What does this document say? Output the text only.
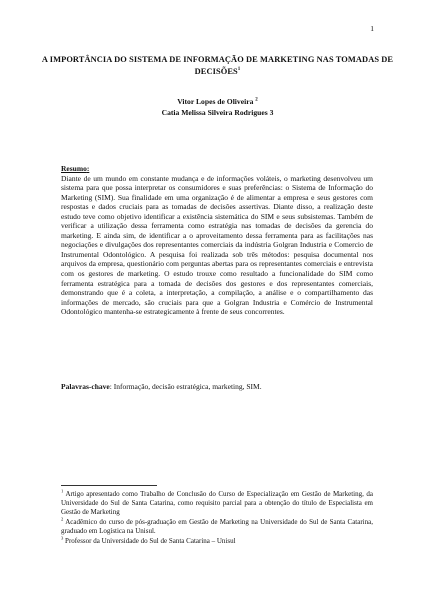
1
A IMPORTÂNCIA DO SISTEMA DE INFORMAÇÃO DE MARKETING NAS TOMADAS DE DECISÕES$^1$
Vitor Lopes de Oliveira $^2$
Catia Melissa Silveira Rodrigues 3
Resumo:
Diante de um mundo em constante mudança e de informações voláteis, o marketing desenvolveu um sistema para que possa interpretar os consumidores e suas preferências: o Sistema de Informação do Marketing (SIM). Sua finalidade em uma organização é de alimentar a empresa e seus gestores com respostas e dados cruciais para as tomadas de decisões assertivas. Diante disso, a realização deste estudo teve como objetivo identificar a existência sistemática do SIM e seus subsistemas. Também de verificar a utilização dessa ferramenta como estratégia nas tomadas de decisões da gerencia do marketing. E ainda sim, de identificar a o aproveitamento dessa ferramenta para as facilitações nas negociações e divulgações dos representantes comerciais da indústria Golgran Industria e Comercio de Instrumental Odontológico. A pesquisa foi realizada sob três métodos: pesquisa documental nos arquivos da empresa, questionário com perguntas abertas para os representantes comerciais e entrevista com os gestores de marketing. O estudo trouxe como resultado a funcionalidade do SIM como ferramenta estratégica para a tomada de decisões dos gestores e dos representantes comerciais, demonstrando que é a coleta, a interpretação, a compilação, a análise e o compartilhamento das informações de mercado, são cruciais para que a Golgran Industria e Comércio de Instrumental Odontológico mantenha-se estrategicamente à frente de seus concorrentes.
Palavras-chave: Informação, decisão estratégica, marketing, SIM.
$^1$ Artigo apresentado como Trabalho de Conclusão do Curso de Especialização em Gestão de Marketing, da Universidade do Sul de Santa Catarina, como requisito parcial para a obtenção do título de Especialista em Gestão de Marketing
$^2$ Acadêmico do curso de pós-graduação em Gestão de Marketing na Universidade do Sul de Santa Catarina, graduado em Logística na Unisul.
$^3$ Professor da Universidade do Sul de Santa Catarina – Unisul
